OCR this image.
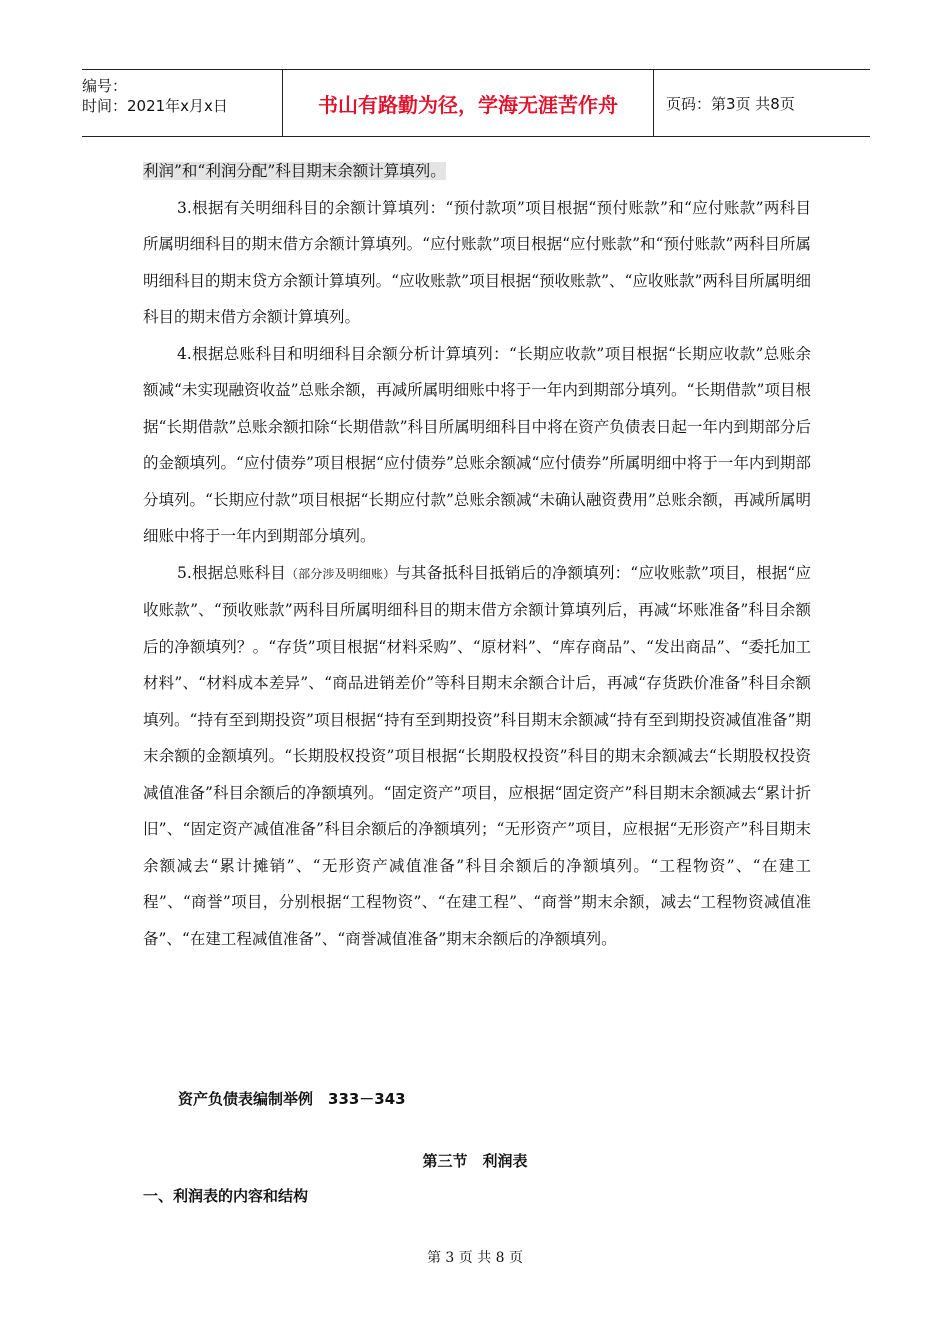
编号：
时间：2021年x月x日	书山有路勤为径，学海无涯苦作舟	页码：第3页 共8页

利润”和“利润分配”科目期末余额计算填列。

3.根据有关明细科目的余额计算填列：“预付款项”项目根据“预付账款”和“应付账款”两科目所属明细科目的期末借方余额计算填列。“应付账款”项目根据“应付账款”和“预付账款”两科目所属明细科目的期末贷方余额计算填列。“应收账款”项目根据“预收账款”、“应收账款”两科目所属明细科目的期末借方余额计算填列。

4.根据总账科目和明细科目余额分析计算填列：“长期应收款”项目根据“长期应收款”总账余额减“未实现融资收益”总账余额，再减所属明细账中将于一年内到期部分填列。“长期借款”项目根据“长期借款”总账余额扣除“长期借款”科目所属明细科目中将在资产负债表日起一年内到期部分后的金额填列。“应付债券”项目根据“应付债券”总账余额减“应付债券”所属明细中将于一年内到期部分填列。“长期应付款”项目根据“长期应付款”总账余额减“未确认融资费用”总账余额，再减所属明细账中将于一年内到期部分填列。

5.根据总账科目（部分涉及明细账）与其备抵科目抵销后的净额填列：“应收账款”项目，根据“应收账款”、“预收账款”两科目所属明细科目的期末借方余额计算填列后，再减“坏账准备”科目余额后的净额填列？。“存货”项目根据“材料采购”、“原材料”、“库存商品”、“发出商品”、“委托加工材料”、“材料成本差异”、“商品进销差价”等科目期末余额合计后，再减“存货跌价准备”科目余额填列。“持有至到期投资”项目根据“持有至到期投资”科目期末余额减“持有至到期投资减值准备”期末余额的金额填列。“长期股权投资”项目根据“长期股权投资”科目的期末余额减去“长期股权投资减值准备”科目余额后的净额填列。“固定资产”项目，应根据“固定资产”科目期末余额减去“累计折旧”、“固定资产减值准备”科目余额后的净额填列；“无形资产”项目，应根据“无形资产”科目期末余额减去“累计摊销”、“无形资产减值准备”科目余额后的净额填列。“工程物资”、“在建工程”、“商誉”项目，分别根据“工程物资”、“在建工程”、“商誉”期末余额，减去“工程物资减值准备”、“在建工程减值准备”、“商誉减值准备”期末余额后的净额填列。

资产负债表编制举例　333－343
第三节　利润表
一、利润表的内容和结构
第 3 页 共 8 页
